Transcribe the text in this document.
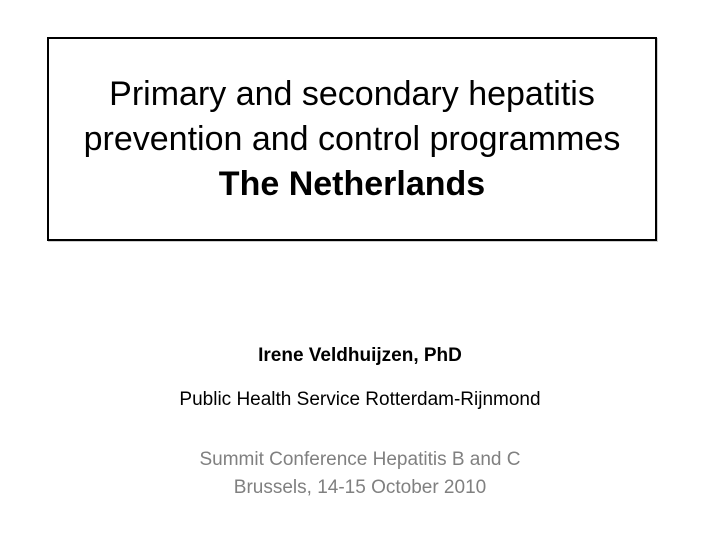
Primary and secondary hepatitis
prevention and control programmes
The Netherlands
Irene Veldhuijzen, PhD
Public Health Service Rotterdam-Rijnmond
Summit Conference Hepatitis B and C
Brussels, 14-15 October 2010
